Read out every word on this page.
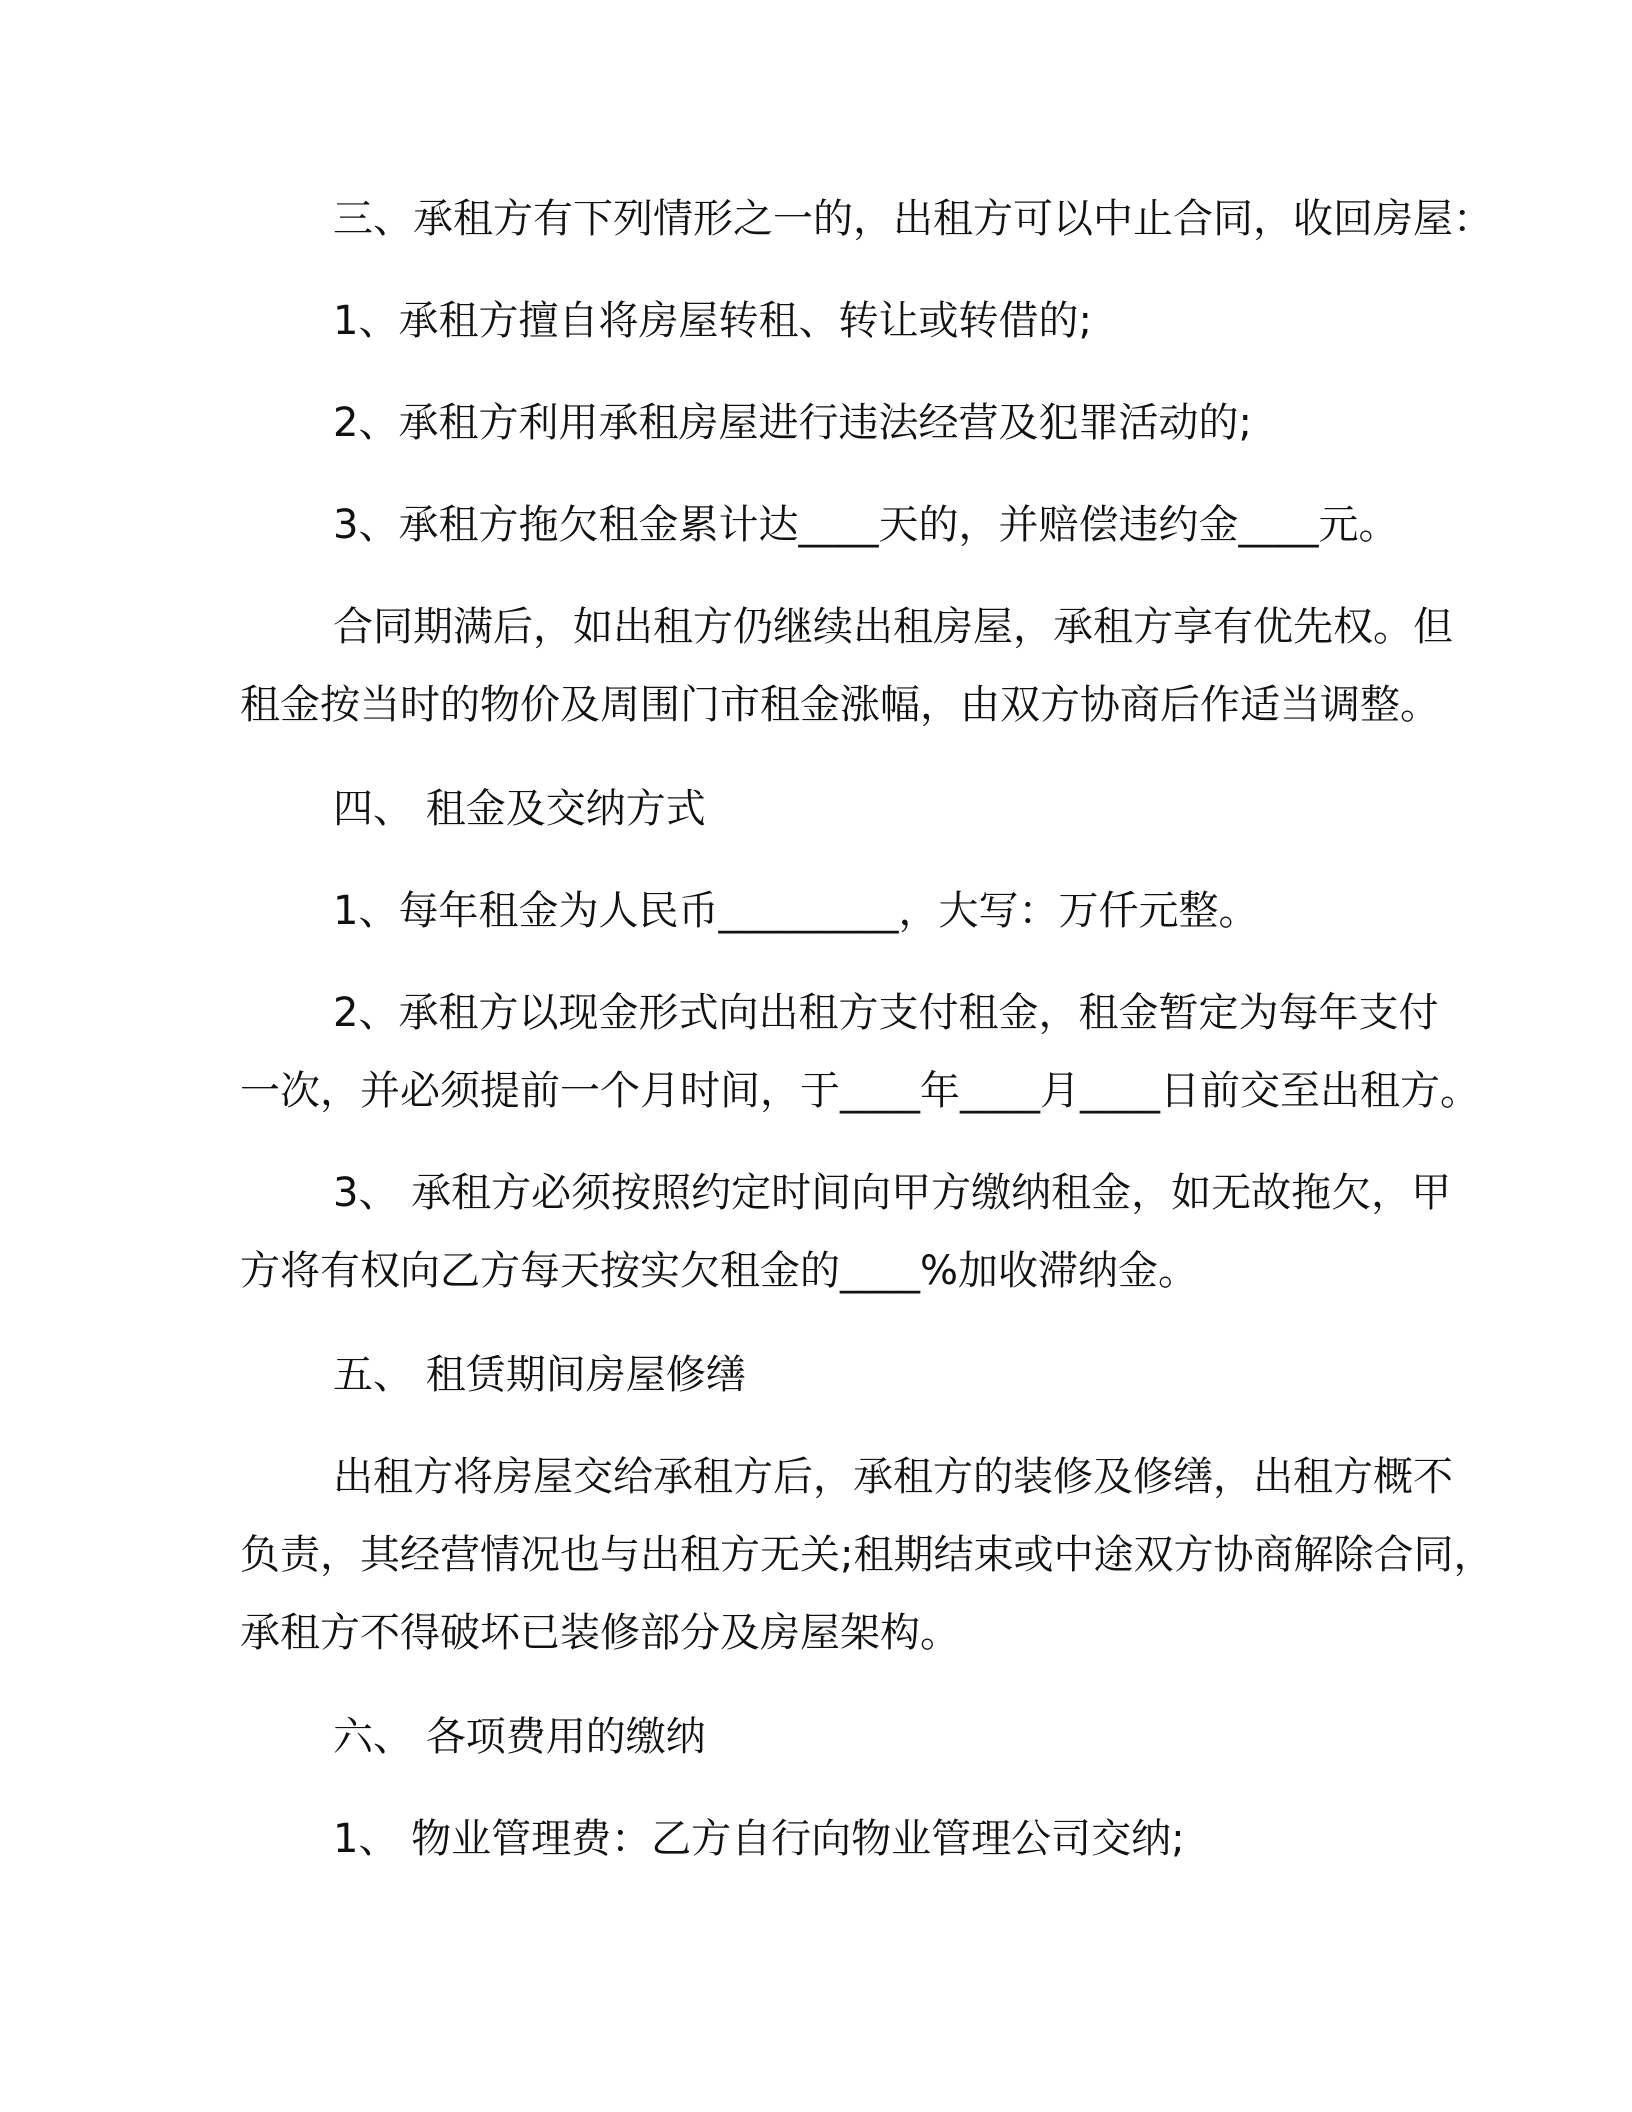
三、承租方有下列情形之一的，出租方可以中止合同，收回房屋：

1、承租方擅自将房屋转租、转让或转借的;

2、承租方利用承租房屋进行违法经营及犯罪活动的;

3、承租方拖欠租金累计达____天的，并赔偿违约金____元。

合同期满后，如出租方仍继续出租房屋，承租方享有优先权。但

租金按当时的物价及周围门市租金涨幅，由双方协商后作适当调整。

四、 租金及交纳方式

1、每年租金为人民币_________，大写：万仟元整。

2、承租方以现金形式向出租方支付租金，租金暂定为每年支付

一次，并必须提前一个月时间，于____年____月____日前交至出租方。

3、 承租方必须按照约定时间向甲方缴纳租金，如无故拖欠，甲

方将有权向乙方每天按实欠租金的____%加收滞纳金。

五、 租赁期间房屋修缮

出租方将房屋交给承租方后，承租方的装修及修缮，出租方概不

负责，其经营情况也与出租方无关;租期结束或中途双方协商解除合同，

承租方不得破坏已装修部分及房屋架构。

六、 各项费用的缴纳

1、 物业管理费：乙方自行向物业管理公司交纳;
